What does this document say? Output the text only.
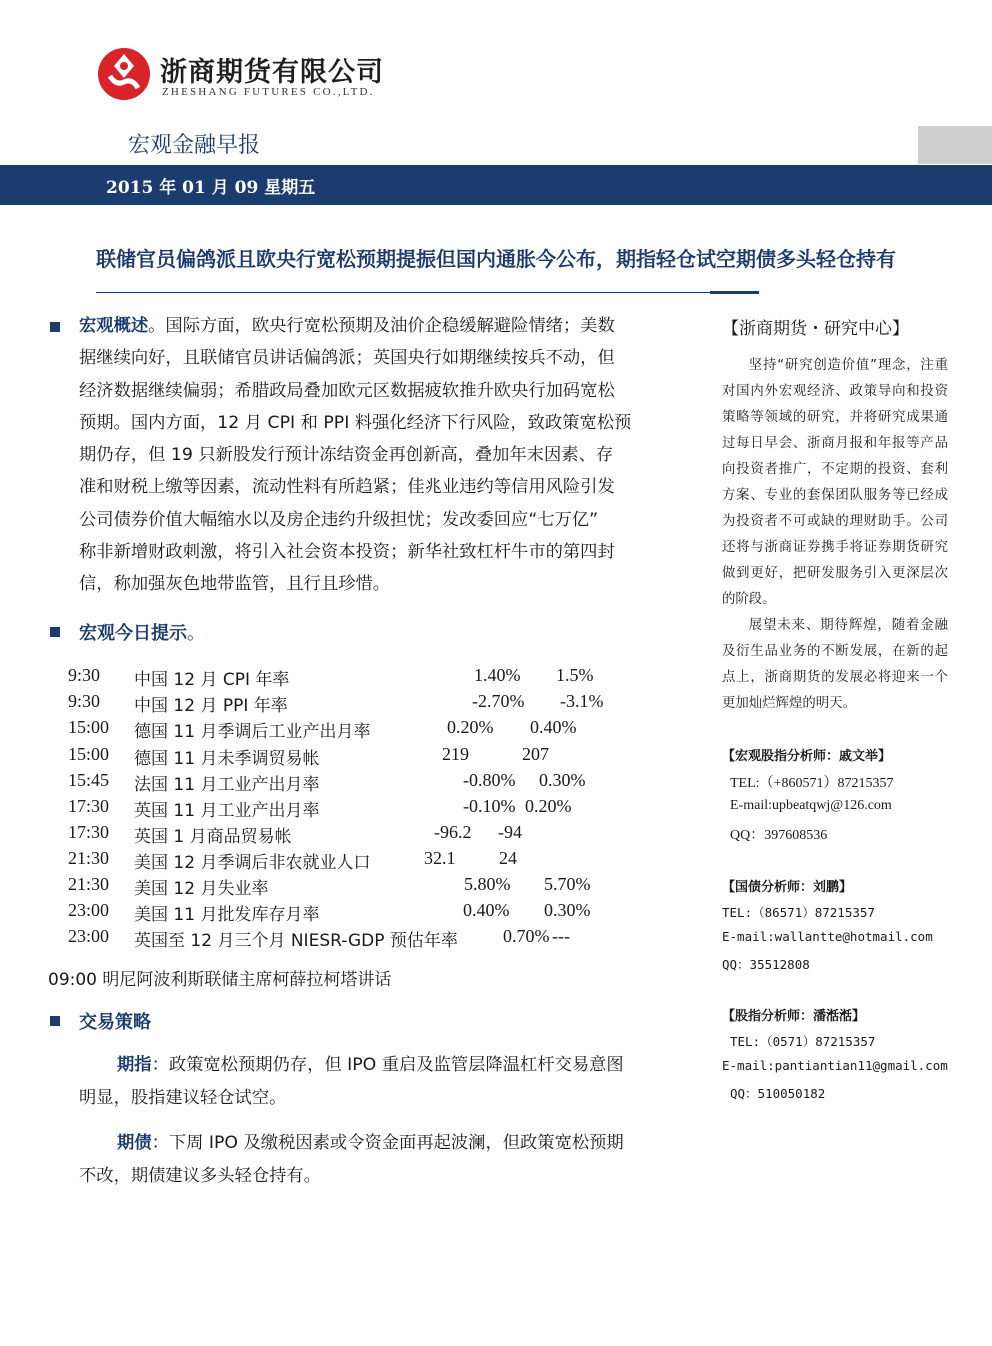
浙商期货有限公司
ZHESHANG FUTURES CO.,LTD.
宏观金融早报
2015 年 01 月 09 星期五
联储官员偏鸽派且欧央行宽松预期提振但国内通胀今公布，期指轻仓试空期债多头轻仓持有
宏观概述。国际方面，欧央行宽松预期及油价企稳缓解避险情绪；美数
据继续向好，且联储官员讲话偏鸽派；英国央行如期继续按兵不动，但
经济数据继续偏弱；希腊政局叠加欧元区数据疲软推升欧央行加码宽松
预期。国内方面，12 月 CPI 和 PPI 料强化经济下行风险，致政策宽松预
期仍存，但 19 只新股发行预计冻结资金再创新高，叠加年末因素、存
准和财税上缴等因素，流动性料有所趋紧；佳兆业违约等信用风险引发
公司债券价值大幅缩水以及房企违约升级担忧；发改委回应“七万亿”
称非新增财政刺激，将引入社会资本投资；新华社致杠杆牛市的第四封
信，称加强灰色地带监管，且行且珍惜。
宏观今日提示。
9:30 中国 12 月 CPI 年率	1.40% 1.5%
9:30 中国 12 月 PPI 年率	-2.70% -3.1%
15:00 德国 11 月季调后工业产出月率	0.20% 0.40%
15:00 德国 11 月未季调贸易帐	219	207
15:45 法国 11 月工业产出月率	-0.80% 0.30%
17:30 英国 11 月工业产出月率	-0.10% 0.20%
17:30 英国 1 月商品贸易帐	-96.2 -94
21:30 美国 12 月季调后非农就业人口	32.1 24
21:30 美国 12 月失业率	5.80% 5.70%
23:00 美国 11 月批发库存月率	0.40% 0.30%
23:00 英国至 12 月三个月 NIESR-GDP 预估年率	0.70% ---
09:00 明尼阿波利斯联储主席柯薛拉柯塔讲话
交易策略
期指：政策宽松预期仍存，但 IPO 重启及监管层降温杠杆交易意图
明显，股指建议轻仓试空。
期债：下周 IPO 及缴税因素或令资金面再起波澜，但政策宽松预期
不改，期债建议多头轻仓持有。
【浙商期货・研究中心】
坚持“研究创造价值”理念，注重对国内外宏观经济、政策导向和投资策略等领域的研究，并将研究成果通过每日早会、浙商月报和年报等产品向投资者推广，不定期的投资、套利方案、专业的套保团队服务等已经成为投资者不可或缺的理财助手。公司还将与浙商证券携手将证券期货研究做到更好，把研发服务引入更深层次的阶段。
展望未来、期待辉煌，随着金融及衍生品业务的不断发展，在新的起点上，浙商期货的发展必将迎来一个更加灿烂辉煌的明天。
【宏观股指分析师：戚文举】
TEL:（+860571）87215357
E-mail:upbeatqwj@126.com
QQ：397608536
【国债分析师：刘鹏】
TEL:（86571）87215357
E-mail:wallantte@hotmail.com
QQ：35512808
【股指分析师：潘湉湉】
TEL:（0571）87215357
E-mail:pantiantian11@gmail.com
QQ：510050182
